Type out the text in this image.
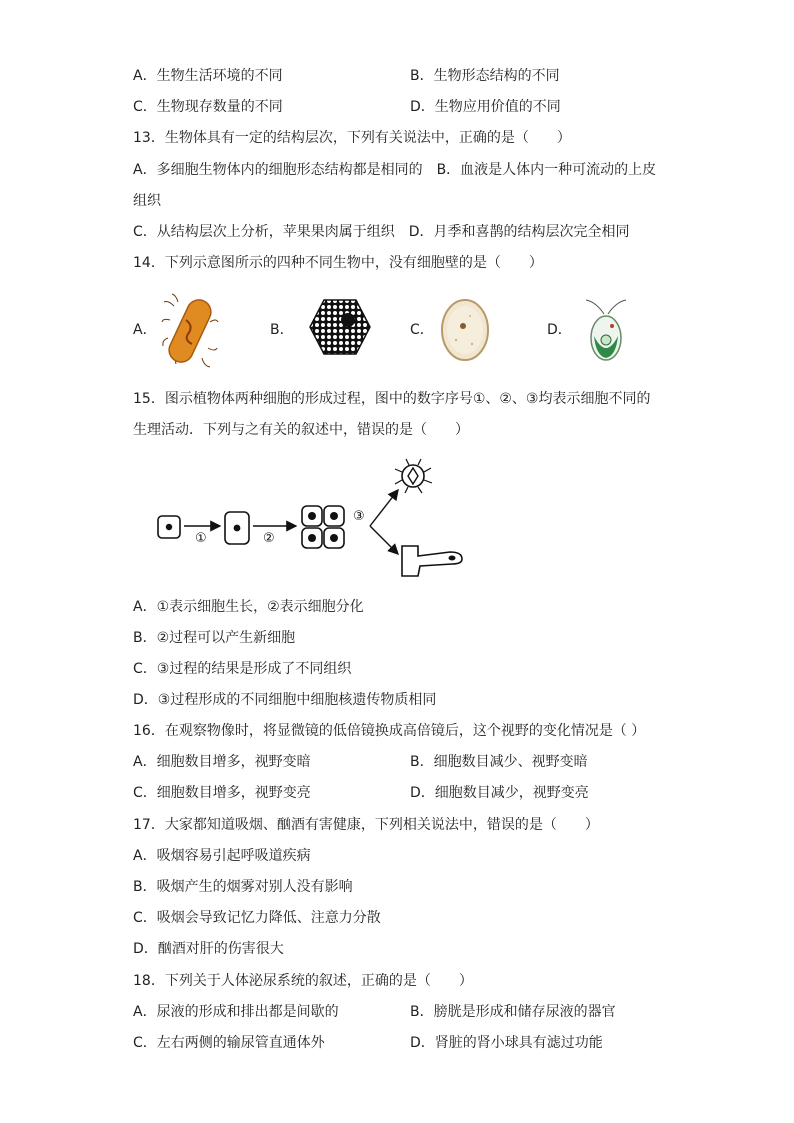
A．生物生活环境的不同	B．生物形态结构的不同
C．生物现存数量的不同	D．生物应用价值的不同
13．生物体具有一定的结构层次，下列有关说法中，正确的是（　　）
A．多细胞生物体内的细胞形态结构都是相同的　B．血液是人体内一种可流动的上皮
组织
C．从结构层次上分析，苹果果肉属于组织　D．月季和喜鹊的结构层次完全相同
14．下列示意图所示的四种不同生物中，没有细胞壁的是（　　）
A．	B．	C．	D．
15．图示植物体两种细胞的形成过程，图中的数字序号①、②、③均表示细胞不同的
生理活动．下列与之有关的叙述中，错误的是（　　）
①	②
③
A．①表示细胞生长，②表示细胞分化
B．②过程可以产生新细胞
C．③过程的结果是形成了不同组织
D．③过程形成的不同细胞中细胞核遗传物质相同
16．在观察物像时，将显微镜的低倍镜换成高倍镜后，这个视野的变化情况是（ ）
A．细胞数目增多，视野变暗	B．细胞数目减少、视野变暗
C．细胞数目增多，视野变亮	D．细胞数目减少，视野变亮
17．大家都知道吸烟、酗酒有害健康，下列相关说法中，错误的是（　　）
A．吸烟容易引起呼吸道疾病
B．吸烟产生的烟雾对别人没有影响
C．吸烟会导致记忆力降低、注意力分散
D．酗酒对肝的伤害很大
18．下列关于人体泌尿系统的叙述，正确的是（　　）
A．尿液的形成和排出都是间歇的	B．膀胱是形成和储存尿液的器官
C．左右两侧的输尿管直通体外	D．肾脏的肾小球具有滤过功能
